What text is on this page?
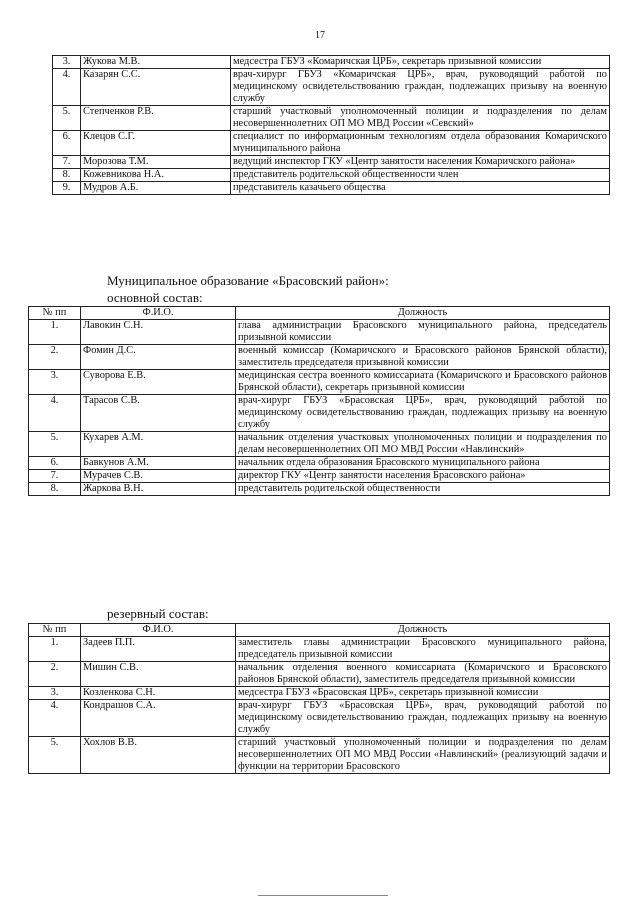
17
3.	Жукова М.В.	медсестра ГБУЗ «Комаричская ЦРБ», секретарь призывной комиссии
4.	Казарян С.С.	врач-хирург ГБУЗ «Комаричская ЦРБ», врач, руководящий работой по медицинскому освидетельствованию граждан, подлежащих призыву на военную службу
5.	Степченков Р.В.	старший участковый уполномоченный полиции и подразделения по делам несовершеннолетних ОП МО МВД России «Севский»
6.	Клецов С.Г.	специалист по информационным технологиям отдела образования Комаричского муниципального района
7.	Морозова Т.М.	ведущий инспектор ГКУ «Центр занятости населения Комаричского района»
8.	Кожевникова Н.А.	представитель родительской общественности член
9.	Мудров А.Б.	представитель казачьего общества
Муниципальное образование «Брасовский район»:
основной состав:
№ пп	Ф.И.О.	Должность
1.	Лавокин С.Н.	глава администрации Брасовского муниципального района, председатель призывной комиссии
2.	Фомин Д.С.	военный комиссар (Комаричского и Брасовского районов Брянской области), заместитель председателя призывной комиссии
3.	Суворова Е.В.	медицинская сестра военного комиссариата (Комаричского и Брасовского районов Брянской области), секретарь призывной комиссии
4.	Тарасов С.В.	врач-хирург ГБУЗ «Брасовская ЦРБ», врач, руководящий работой по медицинскому освидетельствованию граждан, подлежащих призыву на военную службу
5.	Кухарев А.М.	начальник отделения участковых уполномоченных полиции и подразделения по делам несовершеннолетних ОП МО МВД России «Навлинский»
6.	Бавкунов А.М.	начальник отдела образования Брасовского муниципального района
7.	Мурачев С.В.	директор ГКУ «Центр занятости населения Брасовского района»
8.	Жаркова В.Н.	представитель родительской общественности
резервный состав:
№ пп	Ф.И.О.	Должность
1.	Задеев П.П.	заместитель главы администрации Брасовского муниципального района, председатель призывной комиссии
2.	Мишин С.В.	начальник отделения военного комиссариата (Комаричского и Брасовского районов Брянской области), заместитель председателя призывной комиссии
3.	Козленкова С.Н.	медсестра ГБУЗ «Брасовская ЦРБ», секретарь призывной комиссии
4.	Кондрашов С.А.	врач-хирург ГБУЗ «Брасовская ЦРБ», врач, руководящий работой по медицинскому освидетельствованию граждан, подлежащих призыву на военную службу
5.	Хохлов В.В.	старший участковый уполномоченный полиции и подразделения по делам несовершеннолетних ОП МО МВД России «Навлинский» (реализующий задачи и функции на территории Брасовского
